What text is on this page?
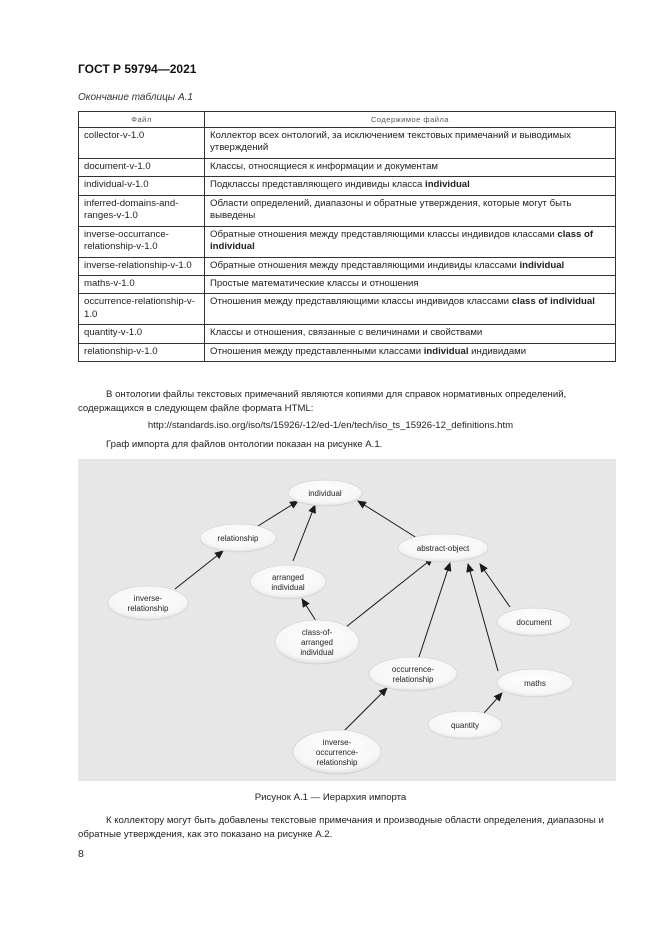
ГОСТ Р 59794—2021
Окончание таблицы А.1
Файл	Содержимое файла
collector-v-1.0	Коллектор всех онтологий, за исключением текстовых примечаний и выводимых утверждений
document-v-1.0	Классы, относящиеся к информации и документам
individual-v-1.0	Подклассы представляющего индивиды класса individual
inferred-domains-and-ranges-v-1.0	Области определений, диапазоны и обратные утверждения, которые могут быть выведены
inverse-occurrance-relationship-v-1.0	Обратные отношения между представляющими классы индивидов классами class of individual
inverse-relationship-v-1.0	Обратные отношения между представляющими индивиды классами individual
maths-v-1.0	Простые математические классы и отношения
occurrence-relationship-v-1.0	Отношения между представляющими классы индивидов классами class of individual
quantity-v-1.0	Классы и отношения, связанные с величинами и свойствами
relationship-v-1.0	Отношения между представленными классами individual индивидами
В онтологии файлы текстовых примечаний являются копиями для справок нормативных определений, содержащихся в следующем файле формата HTML:
http://standards.iso.org/iso/ts/15926/-12/ed-1/en/tech/iso_ts_15926-12_definitions.htm
Граф импорта для файлов онтологии показан на рисунке А.1.
individual
relationship
abstract-object
arranged individual
inverse-relationship
document
class-of-arranged individual
occurrence-relationship	maths
quantity
inverse-occurrence-relationship
Рисунок А.1 — Иерархия импорта
К коллектору могут быть добавлены текстовые примечания и производные области определения, диапазоны и обратные утверждения, как это показано на рисунке А.2.
8
